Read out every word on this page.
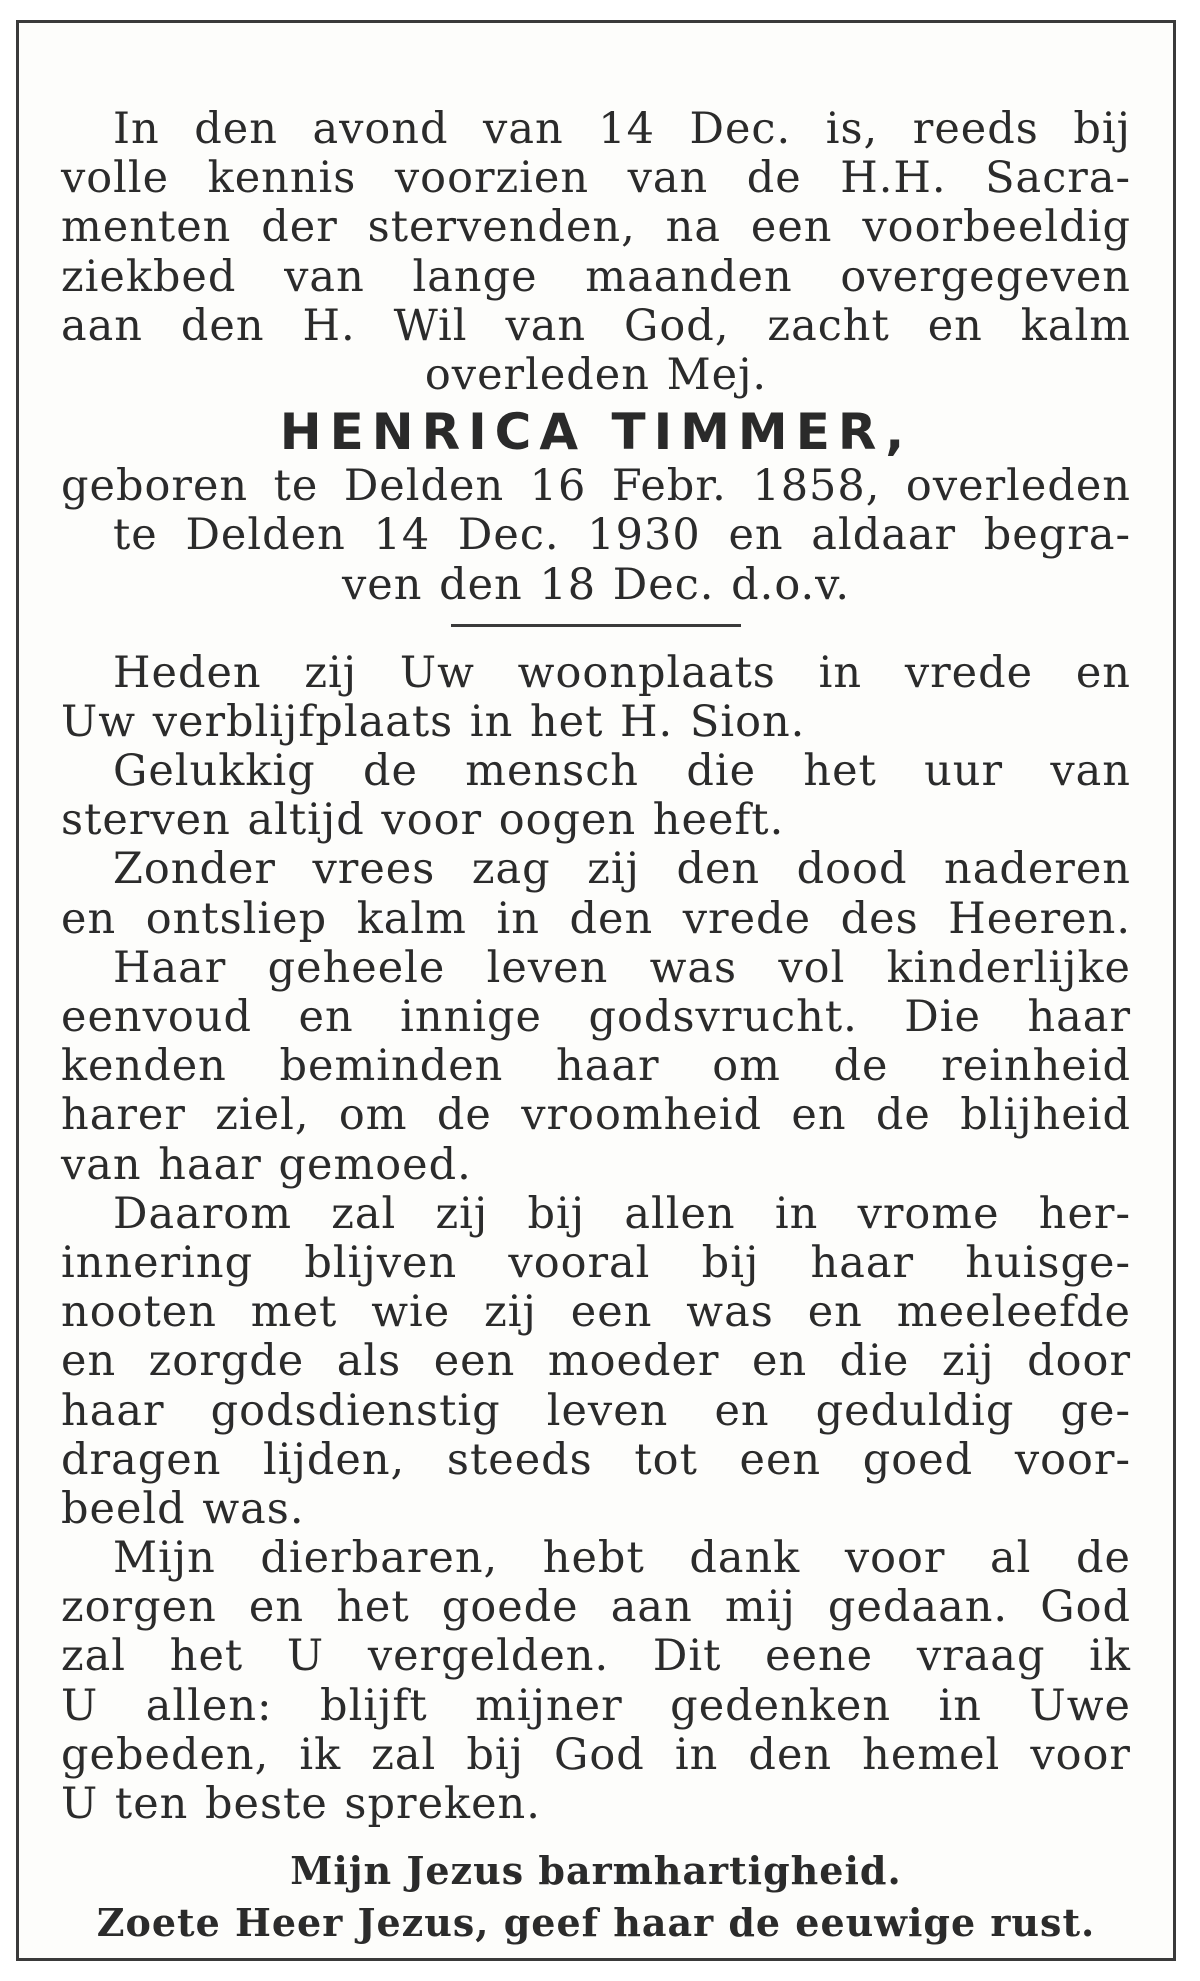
In den avond van 14 Dec. is, reeds bij
volle kennis voorzien van de H.H. Sacra-
menten der stervenden, na een voorbeeldig
ziekbed van lange maanden overgegeven
aan den H. Wil van God, zacht en kalm
overleden Mej.
HENRICA TIMMER,
geboren te Delden 16 Febr. 1858, overleden
te Delden 14 Dec. 1930 en aldaar begra-
ven den 18 Dec. d.o.v.
Heden zij Uw woonplaats in vrede en
Uw verblijfplaats in het H. Sion.
Gelukkig de mensch die het uur van
sterven altijd voor oogen heeft.
Zonder vrees zag zij den dood naderen
en ontsliep kalm in den vrede des Heeren.
Haar geheele leven was vol kinderlijke
eenvoud en innige godsvrucht. Die haar
kenden beminden haar om de reinheid
harer ziel, om de vroomheid en de blijheid
van haar gemoed.
Daarom zal zij bij allen in vrome her-
innering blijven vooral bij haar huisge-
nooten met wie zij een was en meeleefde
en zorgde als een moeder en die zij door
haar godsdienstig leven en geduldig ge-
dragen lijden, steeds tot een goed voor-
beeld was.
Mijn dierbaren, hebt dank voor al de
zorgen en het goede aan mij gedaan. God
zal het U vergelden. Dit eene vraag ik
U allen: blijft mijner gedenken in Uwe
gebeden, ik zal bij God in den hemel voor
U ten beste spreken.
Mijn Jezus barmhartigheid.
Zoete Heer Jezus, geef haar de eeuwige rust.
